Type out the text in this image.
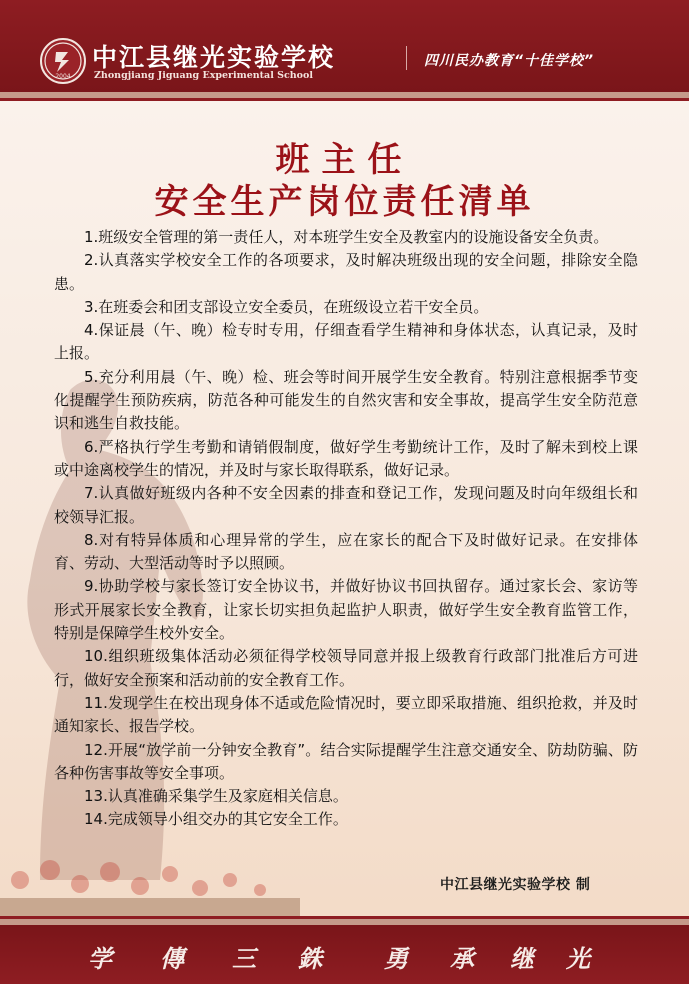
2004
中江县继光实验学校
Zhongjiang Jiguang Experimental School
四川民办教育“十佳学校”
班主任
安全生产岗位责任清单

1.班级安全管理的第一责任人，对本班学生安全及教室内的设施设备安全负责。

2.认真落实学校安全工作的各项要求，及时解决班级出现的安全问题，排除安全隐患。

3.在班委会和团支部设立安全委员，在班级设立若干安全员。

4.保证晨（午、晚）检专时专用，仔细查看学生精神和身体状态，认真记录，及时上报。

5.充分利用晨（午、晚）检、班会等时间开展学生安全教育。特别注意根据季节变化提醒学生预防疾病，防范各种可能发生的自然灾害和安全事故，提高学生安全防范意识和逃生自救技能。

6.严格执行学生考勤和请销假制度，做好学生考勤统计工作，及时了解未到校上课或中途离校学生的情况，并及时与家长取得联系，做好记录。

7.认真做好班级内各种不安全因素的排查和登记工作，发现问题及时向年级组长和校领导汇报。

8.对有特异体质和心理异常的学生，应在家长的配合下及时做好记录。在安排体育、劳动、大型活动等时予以照顾。

9.协助学校与家长签订安全协议书，并做好协议书回执留存。通过家长会、家访等形式开展家长安全教育，让家长切实担负起监护人职责，做好学生安全教育监管工作，特别是保障学生校外安全。

10.组织班级集体活动必须征得学校领导同意并报上级教育行政部门批准后方可进行，做好安全预案和活动前的安全教育工作。

11.发现学生在校出现身体不适或危险情况时，要立即采取措施、组织抢救，并及时通知家长、报告学校。

12.开展“放学前一分钟安全教育”。结合实际提醒学生注意交通安全、防劫防骗、防各种伤害事故等安全事项。

13.认真准确采集学生及家庭相关信息。

14.完成领导小组交办的其它安全工作。

中江县继光实验学校 制
学 傳 三 銖	勇 承 继 光
